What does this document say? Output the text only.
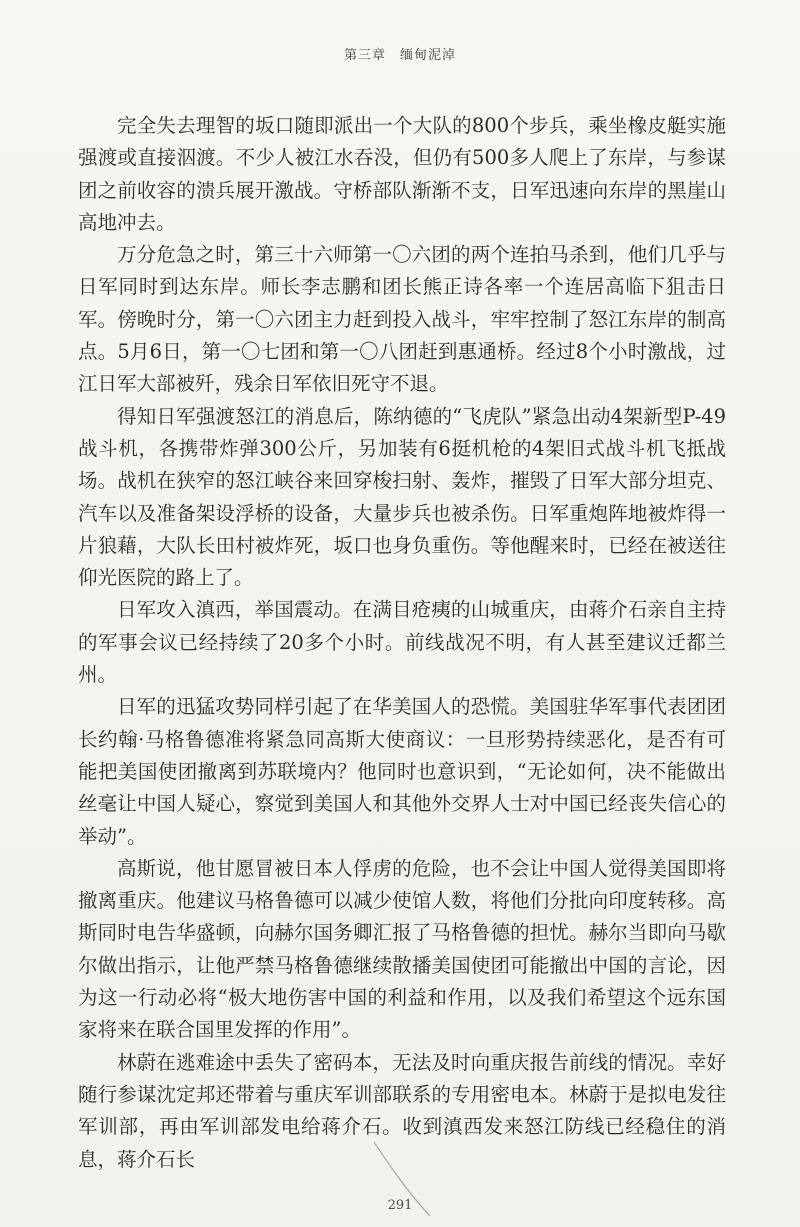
第三章　缅甸泥淖

完全失去理智的坂口随即派出一个大队的800个步兵，乘坐橡皮艇实施强渡或直接泅渡。不少人被江水吞没，但仍有500多人爬上了东岸，与参谋团之前收容的溃兵展开激战。守桥部队渐渐不支，日军迅速向东岸的黑崖山高地冲去。

万分危急之时，第三十六师第一〇六团的两个连拍马杀到，他们几乎与日军同时到达东岸。师长李志鹏和团长熊正诗各率一个连居高临下狙击日军。傍晚时分，第一〇六团主力赶到投入战斗，牢牢控制了怒江东岸的制高点。5月6日，第一〇七团和第一〇八团赶到惠通桥。经过8个小时激战，过江日军大部被歼，残余日军依旧死守不退。

得知日军强渡怒江的消息后，陈纳德的“飞虎队”紧急出动4架新型P-49战斗机，各携带炸弹300公斤，另加装有6挺机枪的4架旧式战斗机飞抵战场。战机在狭窄的怒江峡谷来回穿梭扫射、轰炸，摧毁了日军大部分坦克、汽车以及准备架设浮桥的设备，大量步兵也被杀伤。日军重炮阵地被炸得一片狼藉，大队长田村被炸死，坂口也身负重伤。等他醒来时，已经在被送往仰光医院的路上了。

日军攻入滇西，举国震动。在满目疮痍的山城重庆，由蒋介石亲自主持的军事会议已经持续了20多个小时。前线战况不明，有人甚至建议迁都兰州。

日军的迅猛攻势同样引起了在华美国人的恐慌。美国驻华军事代表团团长约翰·马格鲁德准将紧急同高斯大使商议：一旦形势持续恶化，是否有可能把美国使团撤离到苏联境内？他同时也意识到，“无论如何，决不能做出丝毫让中国人疑心，察觉到美国人和其他外交界人士对中国已经丧失信心的举动”。

高斯说，他甘愿冒被日本人俘虏的危险，也不会让中国人觉得美国即将撤离重庆。他建议马格鲁德可以减少使馆人数，将他们分批向印度转移。高斯同时电告华盛顿，向赫尔国务卿汇报了马格鲁德的担忧。赫尔当即向马歇尔做出指示，让他严禁马格鲁德继续散播美国使团可能撤出中国的言论，因为这一行动必将“极大地伤害中国的利益和作用，以及我们希望这个远东国家将来在联合国里发挥的作用”。

林蔚在逃难途中丢失了密码本，无法及时向重庆报告前线的情况。幸好随行参谋沈定邦还带着与重庆军训部联系的专用密电本。林蔚于是拟电发往军训部，再由军训部发电给蒋介石。收到滇西发来怒江防线已经稳住的消息，蒋介石长

291
